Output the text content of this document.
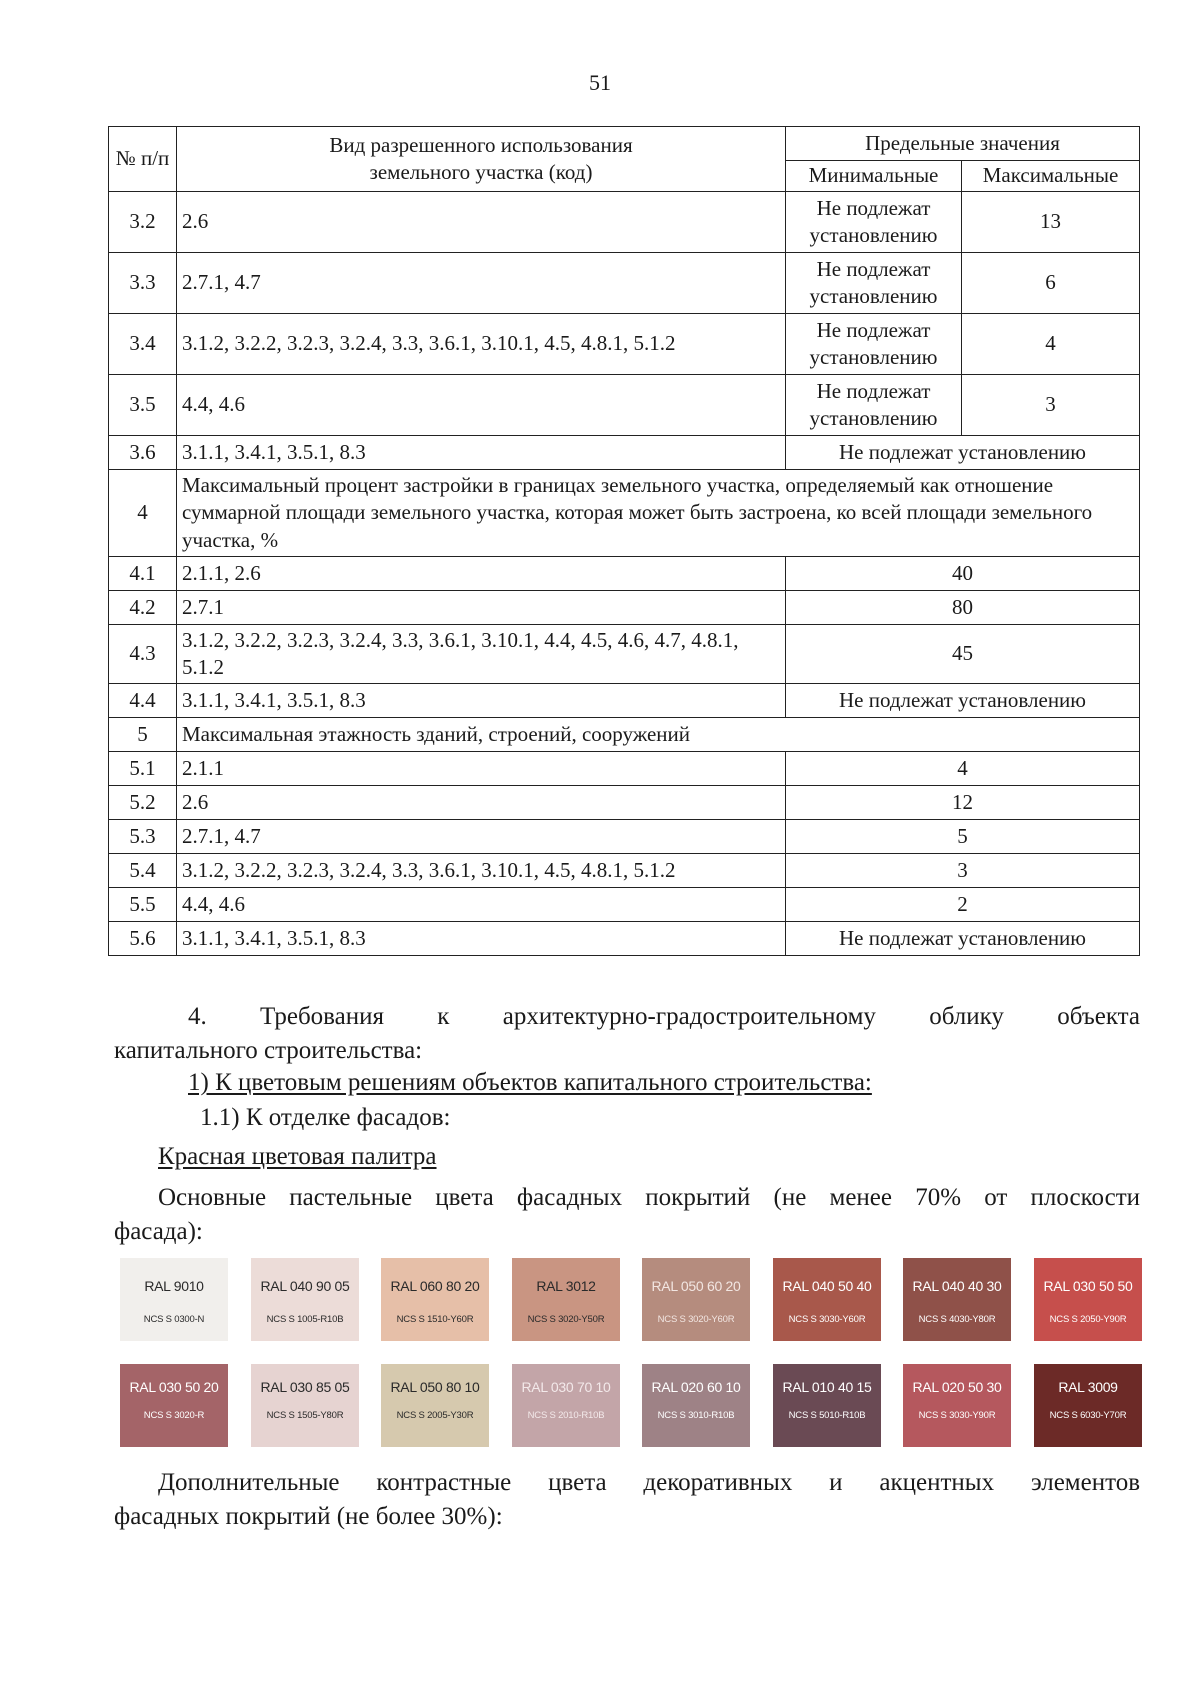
51
№ п/п	Вид разрешенного использования земельного участка (код)	Предельные значения	
		Минимальные	Максимальные
3.2	2.6	Не подлежат установлению	13
3.3	2.7.1, 4.7	Не подлежат установлению	6
3.4	3.1.2, 3.2.2, 3.2.3, 3.2.4, 3.3, 3.6.1, 3.10.1, 4.5, 4.8.1, 5.1.2	Не подлежат установлению	4
3.5	4.4, 4.6	Не подлежат установлению	3
3.6	3.1.1, 3.4.1, 3.5.1, 8.3	Не подлежат установлению	
4	Максимальный процент застройки в границах земельного участка, определяемый как отношение суммарной площади земельного участка, которая может быть застроена, ко всей площади земельного участка, %		
4.1	2.1.1, 2.6	40	
4.2	2.7.1	80	
4.3	3.1.2, 3.2.2, 3.2.3, 3.2.4, 3.3, 3.6.1, 3.10.1, 4.4, 4.5, 4.6, 4.7, 4.8.1, 5.1.2	45	
4.4	3.1.1, 3.4.1, 3.5.1, 8.3	Не подлежат установлению	
5	Максимальная этажность зданий, строений, сооружений		
5.1	2.1.1	4	
5.2	2.6	12	
5.3	2.7.1, 4.7	5	
5.4	3.1.2, 3.2.2, 3.2.3, 3.2.4, 3.3, 3.6.1, 3.10.1, 4.5, 4.8.1, 5.1.2	3	
5.5	4.4, 4.6	2	
5.6	3.1.1, 3.4.1, 3.5.1, 8.3	Не подлежат установлению	
4. Требования к архитектурно-градостроительному облику объекта
капитального строительства:
1) К цветовым решениям объектов капитального строительства:
1.1) К отделке фасадов:
Красная цветовая палитра
Основные пастельные цвета фасадных покрытий (не менее 70% от плоскости
фасада):
RAL 9010
NCS S 0300-N
RAL 040 90 05
NCS S 1005-R10B
RAL 060 80 20
NCS S 1510-Y60R
RAL 3012
NCS S 3020-Y50R
RAL 050 60 20
NCS S 3020-Y60R
RAL 040 50 40
NCS S 3030-Y60R
RAL 040 40 30
NCS S 4030-Y80R
RAL 030 50 50
NCS S 2050-Y90R
RAL 030 50 20
NCS S 3020-R
RAL 030 85 05
NCS S 1505-Y80R
RAL 050 80 10
NCS S 2005-Y30R
RAL 030 70 10
NCS S 2010-R10B
RAL 020 60 10
NCS S 3010-R10B
RAL 010 40 15
NCS S 5010-R10B
RAL 020 50 30
NCS S 3030-Y90R
RAL 3009
NCS S 6030-Y70R
Дополнительные контрастные цвета декоративных и акцентных элементов
фасадных покрытий (не более 30%):
